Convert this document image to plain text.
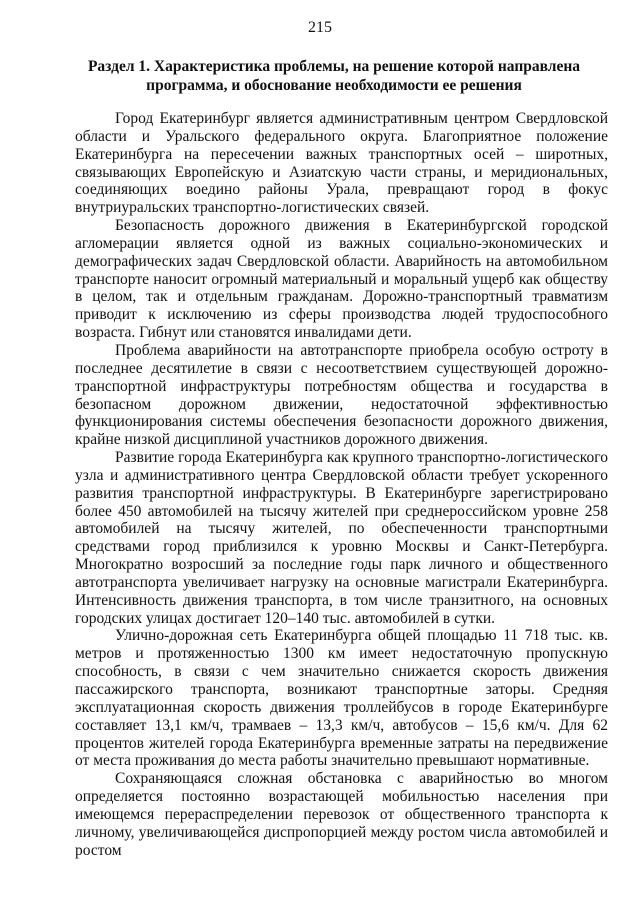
215
Раздел 1. Характеристика проблемы, на решение которой направлена программа, и обоснование необходимости ее решения

Город Екатеринбург является административным центром Свердловской области и Уральского федерального округа. Благоприятное положение Екатеринбурга на пересечении важных транспортных осей – широтных, связывающих Европейскую и Азиатскую части страны, и меридиональных, соединяющих воедино районы Урала, превращают город в фокус внутриуральских транспортно-логистических связей.

Безопасность дорожного движения в Екатеринбургской городской агломерации является одной из важных социально-экономических и демографических задач Свердловской области. Аварийность на автомобильном транспорте наносит огромный материальный и моральный ущерб как обществу в целом, так и отдельным гражданам. Дорожно-транспортный травматизм приводит к исключению из сферы производства людей трудоспособного возраста. Гибнут или становятся инвалидами дети.

Проблема аварийности на автотранспорте приобрела особую остроту в последнее десятилетие в связи с несоответствием существующей дорожно-транспортной инфраструктуры потребностям общества и государства в безопасном дорожном движении, недостаточной эффективностью функционирования системы обеспечения безопасности дорожного движения, крайне низкой дисциплиной участников дорожного движения.

Развитие города Екатеринбурга как крупного транспортно-логистического узла и административного центра Свердловской области требует ускоренного развития транспортной инфраструктуры. В Екатеринбурге зарегистрировано более 450 автомобилей на тысячу жителей при среднероссийском уровне 258 автомобилей на тысячу жителей, по обеспеченности транспортными средствами город приблизился к уровню Москвы и Санкт-Петербурга. Многократно возросший за последние годы парк личного и общественного автотранспорта увеличивает нагрузку на основные магистрали Екатеринбурга. Интенсивность движения транспорта, в том числе транзитного, на основных городских улицах достигает 120–140 тыс. автомобилей в сутки.

Улично-дорожная сеть Екатеринбурга общей площадью 11 718 тыс. кв. метров и протяженностью 1300 км имеет недостаточную пропускную способность, в связи с чем значительно снижается скорость движения пассажирского транспорта, возникают транспортные заторы. Средняя эксплуатационная скорость движения троллейбусов в городе Екатеринбурге составляет 13,1 км/ч, трамваев – 13,3 км/ч, автобусов – 15,6 км/ч. Для 62 процентов жителей города Екатеринбурга временные затраты на передвижение от места проживания до места работы значительно превышают нормативные.

Сохраняющаяся сложная обстановка с аварийностью во многом определяется постоянно возрастающей мобильностью населения при имеющемся перераспределении перевозок от общественного транспорта к личному, увеличивающейся диспропорцией между ростом числа автомобилей и ростом
